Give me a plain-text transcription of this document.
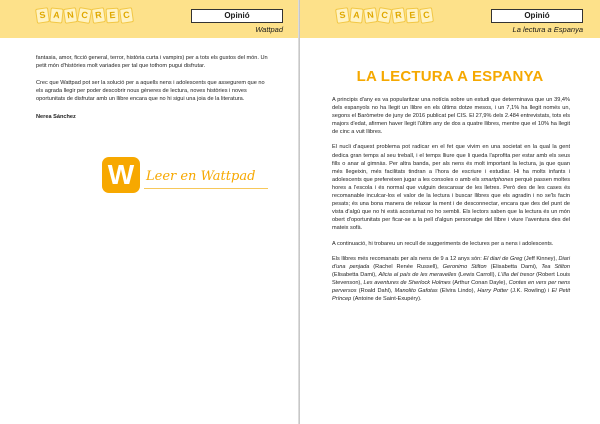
S A N C R E C	Opinió
Wattpad

fantasia, amor, ficció general, terror, història curta i vampirs) per a tots els gustos del món. Un petit món d'històries molt variades per tal que tothom pugui disfrutar.

Crec que Wattpad pot ser la solució per a aquells nens i adolescents que assegurem que no els agrada llegir per poder descobrir nous gèneres de lectura, noves històries i noves oportunitats de disfrutar amb un llibre encara que no hi sigui una joia de la literatura.

Nerea Sánchez

W Leer en Wattpad
S A N C R E C	Opinió
La lectura a Espanya
LA LECTURA A ESPANYA

A principis d'any es va popularitzar una notícia sobre un estudi que determinava que un 39,4% dels espanyols no ha llegit un llibre en els últims dotze mesos, i un 7,1% ha llegit només un, segons el Baròmetre de juny de 2016 publicat pel CIS. El 27,9% dels 2.484 entrevistats, tots els majors d'edat, afirmen haver llegit l'últim any de dos a quatre llibres, mentre que el 10% ha llegit de cinc a vuit llibres.

El nucli d'aquest problema pot radicar en el fet que vivim en una societat en la qual la gent dedica gran temps al seu treball, i el temps lliure que li queda l'aprofita per estar amb els seus fills o anar al gimnàs. Per altra banda, per als nens és molt important la lectura, ja que quan més llegeixin, més facilitats tindran a l'hora de escriure i estudiar. Hi ha molts infants i adolescents que prefereixen jugar a les consoles o amb els smartphones perquè passen moltes hores a l'escola i és normal que vulguin descansar de les lletres. Però des de les cases és recomanable inculcar-los el valor de la lectura i buscar llibres que els agradin i no se'ls facin pesats; és una bona manera de relaxar la ment i de desconnectar, encara que des del punt de vista d'algú que no hi està acostumat no ho sembli. Els lectors saben que la lectura és un món obert d'oportunitats per ficar-se a la pell d'algun personatge del llibre i viure l'aventura des del mateix sofà.

A continuació, hi trobareu un recull de suggeriments de lectures per a nens i adolescents.

Els llibres més recomanats per als nens de 9 a 12 anys són: El diari de Greg (Jeff Kinney), Diari d'una penjada (Rachel Renée Russell), Geronimo Stilton (Elisabetta Dami), Tea Stilton (Elisabetta Dami), Alicia al país de les meravelles (Lewis Carroll), L'illa del tresor (Robert Louis Stevenson), Les aventures de Sherlock Holmes (Arthur Conan Dayle), Contes en vers per nens perversos (Roald Dahl), Manolito Gafotas (Elvira Lindo), Harry Potter (J.K. Rowling) i El Petit Príncep (Antoine de Saint-Exupéry).
